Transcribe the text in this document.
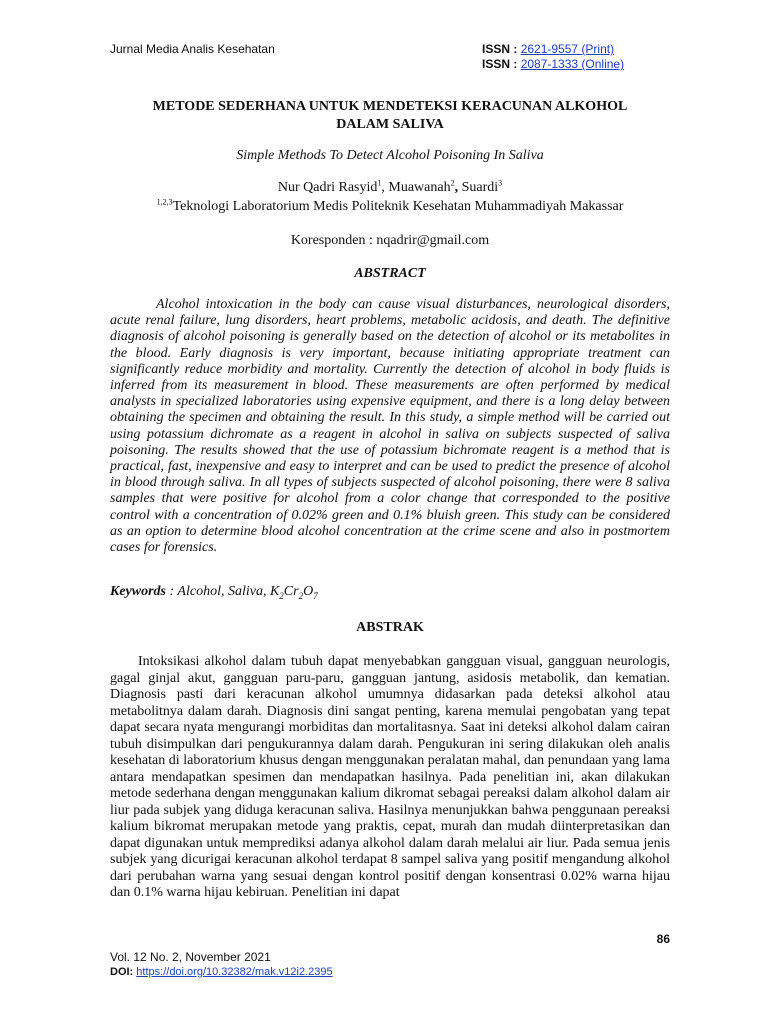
Jurnal Media Analis Kesehatan	ISSN : 2621-9557 (Print)
ISSN : 2087-1333 (Online)
METODE SEDERHANA UNTUK MENDETEKSI KERACUNAN ALKOHOL
DALAM SALIVA
Simple Methods To Detect Alcohol Poisoning In Saliva
Nur Qadri Rasyid$^1$, Muawanah$^2$, Suardi$^3$
$^{1,2,3}$Teknologi Laboratorium Medis Politeknik Kesehatan Muhammadiyah Makassar
Koresponden : nqadrir@gmail.com
ABSTRACT
Alcohol intoxication in the body can cause visual disturbances, neurological disorders, acute renal failure, lung disorders, heart problems, metabolic acidosis, and death. The definitive diagnosis of alcohol poisoning is generally based on the detection of alcohol or its metabolites in the blood. Early diagnosis is very important, because initiating appropriate treatment can significantly reduce morbidity and mortality. Currently the detection of alcohol in body fluids is inferred from its measurement in blood. These measurements are often performed by medical analysts in specialized laboratories using expensive equipment, and there is a long delay between obtaining the specimen and obtaining the result. In this study, a simple method will be carried out using potassium dichromate as a reagent in alcohol in saliva on subjects suspected of saliva poisoning. The results showed that the use of potassium bichromate reagent is a method that is practical, fast, inexpensive and easy to interpret and can be used to predict the presence of alcohol in blood through saliva. In all types of subjects suspected of alcohol poisoning, there were 8 saliva samples that were positive for alcohol from a color change that corresponded to the positive control with a concentration of 0.02% green and 0.1% bluish green. This study can be considered as an option to determine blood alcohol concentration at the crime scene and also in postmortem cases for forensics.
Keywords : Alcohol, Saliva, $K_2Cr_2O_7$
ABSTRAK
Intoksikasi alkohol dalam tubuh dapat menyebabkan gangguan visual, gangguan neurologis, gagal ginjal akut, gangguan paru-paru, gangguan jantung, asidosis metabolik, dan kematian. Diagnosis pasti dari keracunan alkohol umumnya didasarkan pada deteksi alkohol atau metabolitnya dalam darah. Diagnosis dini sangat penting, karena memulai pengobatan yang tepat dapat secara nyata mengurangi morbiditas dan mortalitasnya. Saat ini deteksi alkohol dalam cairan tubuh disimpulkan dari pengukurannya dalam darah. Pengukuran ini sering dilakukan oleh analis kesehatan di laboratorium khusus dengan menggunakan peralatan mahal, dan penundaan yang lama antara mendapatkan spesimen dan mendapatkan hasilnya. Pada penelitian ini, akan dilakukan metode sederhana dengan menggunakan kalium dikromat sebagai pereaksi dalam alkohol dalam air liur pada subjek yang diduga keracunan saliva. Hasilnya menunjukkan bahwa penggunaan pereaksi kalium bikromat merupakan metode yang praktis, cepat, murah dan mudah diinterpretasikan dan dapat digunakan untuk memprediksi adanya alkohol dalam darah melalui air liur. Pada semua jenis subjek yang dicurigai keracunan alkohol terdapat 8 sampel saliva yang positif mengandung alkohol dari perubahan warna yang sesuai dengan kontrol positif dengan konsentrasi 0.02% warna hijau dan 0.1% warna hijau kebiruan. Penelitian ini dapat
86
Vol. 12 No. 2, November 2021
DOI: https://doi.org/10.32382/mak.v12i2.2395
